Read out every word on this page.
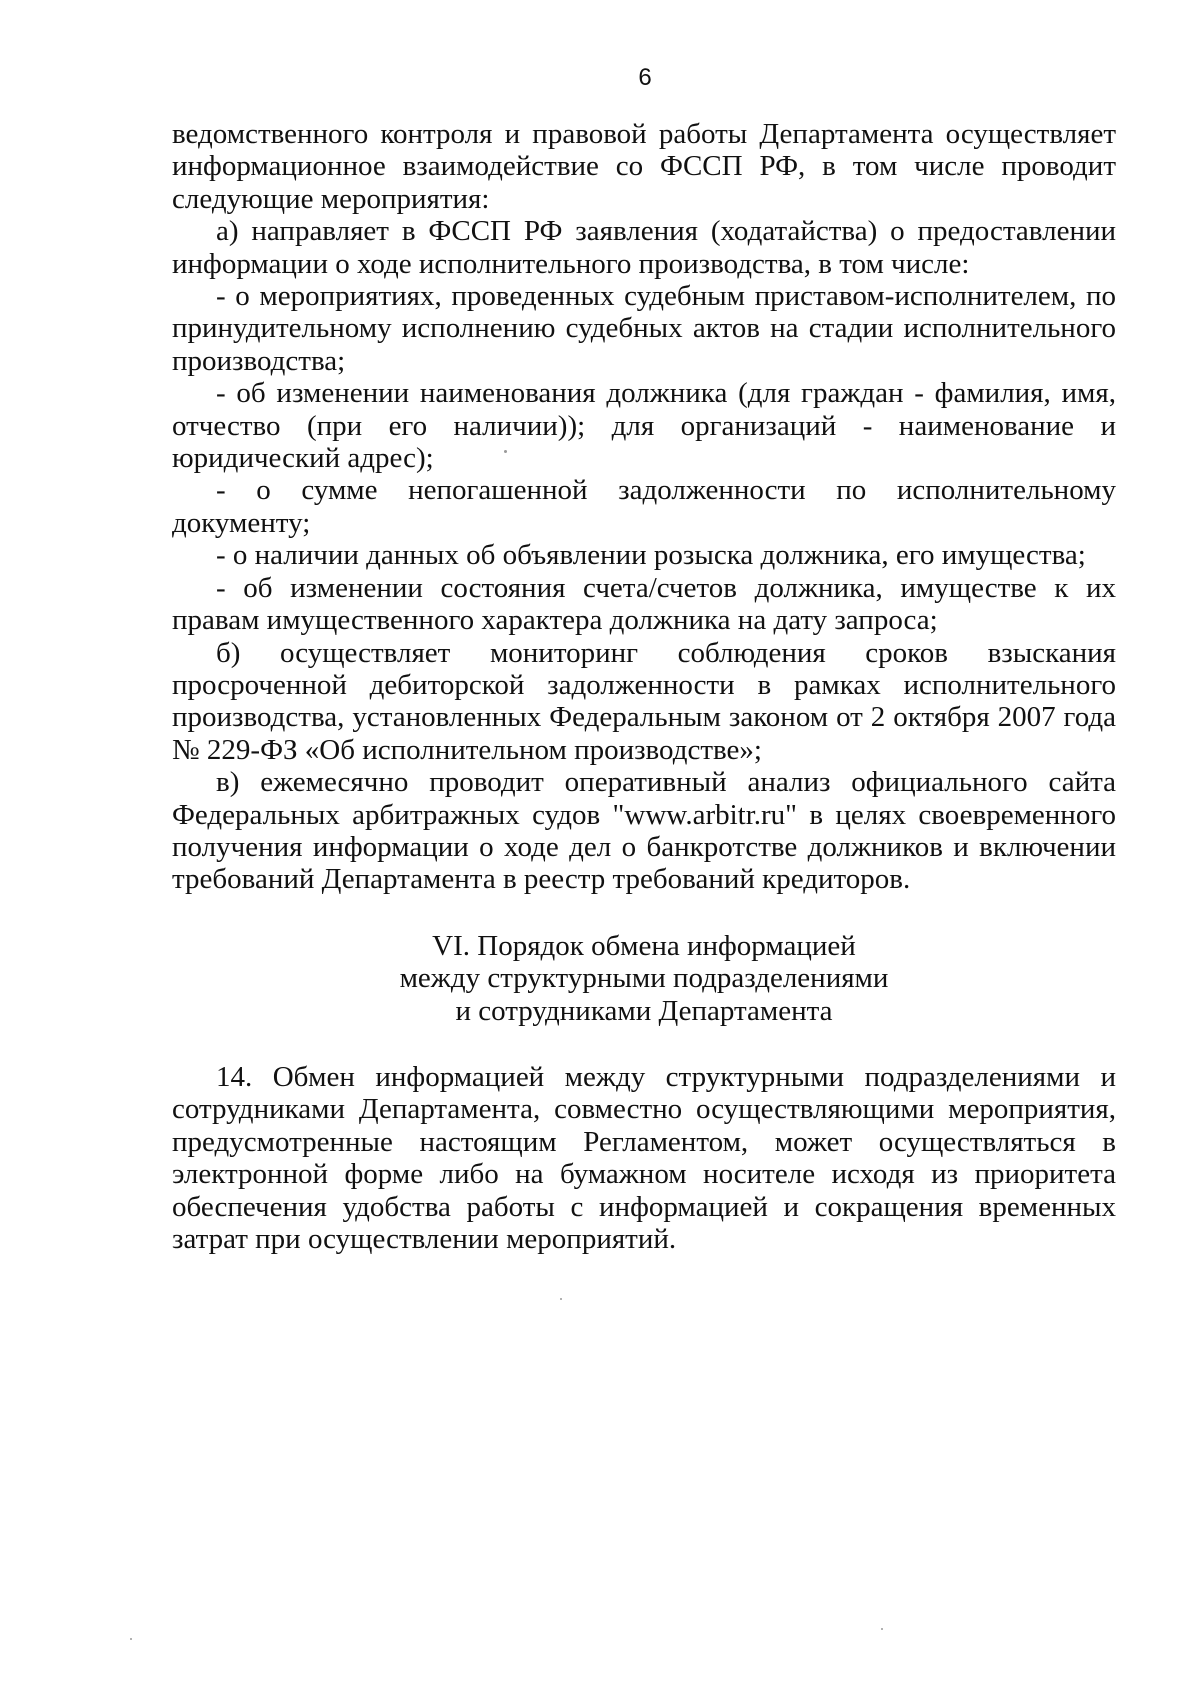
6

ведомственного контроля и правовой работы Департамента осуществляет информационное взаимодействие со ФССП РФ, в том числе проводит следующие мероприятия:

а) направляет в ФССП РФ заявления (ходатайства) о предоставлении информации о ходе исполнительного производства, в том числе:

- о мероприятиях, проведенных судебным приставом-исполнителем, по принудительному исполнению судебных актов на стадии исполнительного производства;

- об изменении наименования должника (для граждан - фамилия, имя, отчество (при его наличии)); для организаций - наименование и юридический адрес);

- о сумме непогашенной задолженности по исполнительному документу;

- о наличии данных об объявлении розыска должника, его имущества;

- об изменении состояния счета/счетов должника, имуществе к их правам имущественного характера должника на дату запроса;

б) осуществляет мониторинг соблюдения сроков взыскания просроченной дебиторской задолженности в рамках исполнительного производства, установленных Федеральным законом от 2 октября 2007 года № 229-ФЗ «Об исполнительном производстве»;

в) ежемесячно проводит оперативный анализ официального сайта Федеральных арбитражных судов "www.arbitr.ru" в целях своевременного получения информации о ходе дел о банкротстве должников и включении требований Департамента в реестр требований кредиторов.

VI. Порядок обмена информацией
между структурными подразделениями
и сотрудниками Департамента

14. Обмен информацией между структурными подразделениями и сотрудниками Департамента, совместно осуществляющими мероприятия, предусмотренные настоящим Регламентом, может осуществляться в электронной форме либо на бумажном носителе исходя из приоритета обеспечения удобства работы с информацией и сокращения временных затрат при осуществлении мероприятий.
